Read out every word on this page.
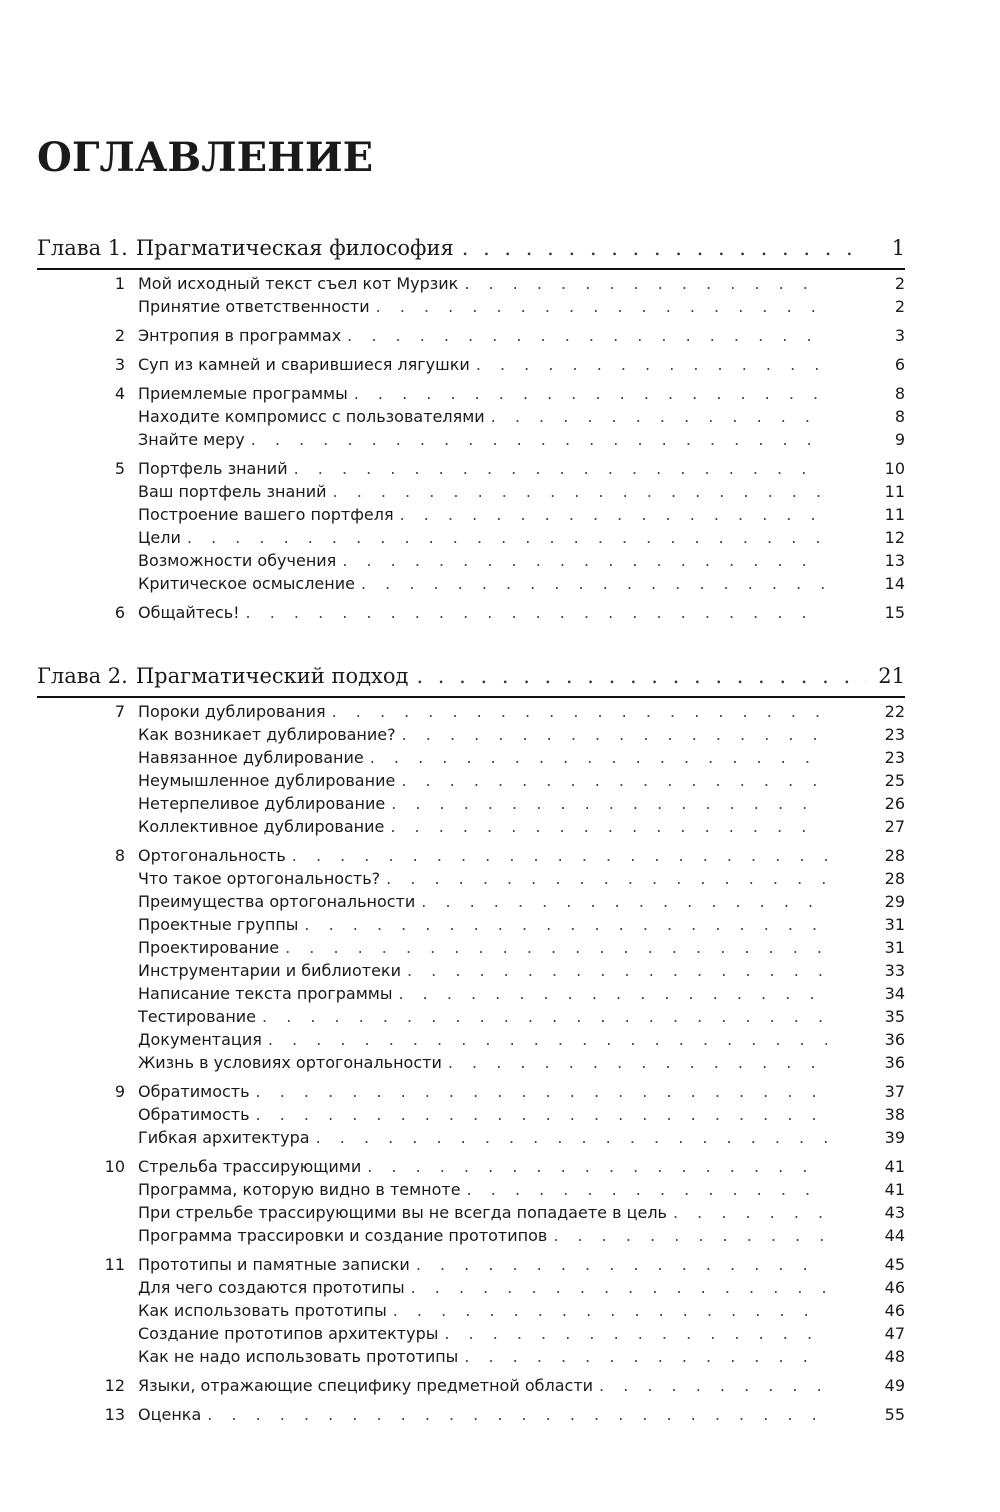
ОГЛАВЛЕНИЕ
Глава 1. Прагматическая философия . . .	1
1 Мой исходный текст съел кот Мурзик . . .	2
Принятие ответственности . . .	2
2 Энтропия в программах . . .	3
3 Суп из камней и сварившиеся лягушки . . .	6
4 Приемлемые программы . . .	8
Находите компромисс с пользователями . . .	8
Знайте меру . . .	9
5 Портфель знаний . . .	10
Ваш портфель знаний . . .	11
Построение вашего портфеля . . .	11
Цели . . .	12
Возможности обучения . . .	13
Критическое осмысление . . .	14
6 Общайтесь! . . .	15
Глава 2. Прагматический подход . . .	21
7 Пороки дублирования . . .	22
Как возникает дублирование? . . .	23
Навязанное дублирование . . .	23
Неумышленное дублирование . . .	25
Нетерпеливое дублирование . . .	26
Коллективное дублирование . . .	27
8 Ортогональность . . .	28
Что такое ортогональность? . . .	28
Преимущества ортогональности . . .	29
Проектные группы . . .	31
Проектирование . . .	31
Инструментарии и библиотеки . . .	33
Написание текста программы . . .	34
Тестирование . . .	35
Документация . . .	36
Жизнь в условиях ортогональности . . .	36
9 Обратимость . . .	37
Обратимость . . .	38
Гибкая архитектура . . .	39
10 Стрельба трассирующими . . .	41
Программа, которую видно в темноте . . .	41
При стрельбе трассирующими вы не всегда попадаете в цель . . .	43
Программа трассировки и создание прототипов . . .	44
11 Прототипы и памятные записки . . .	45
Для чего создаются прототипы . . .	46
Как использовать прототипы . . .	46
Создание прототипов архитектуры . . .	47
Как не надо использовать прототипы . . .	48
12 Языки, отражающие специфику предметной области . . .	49
13 Оценка . . .	55
